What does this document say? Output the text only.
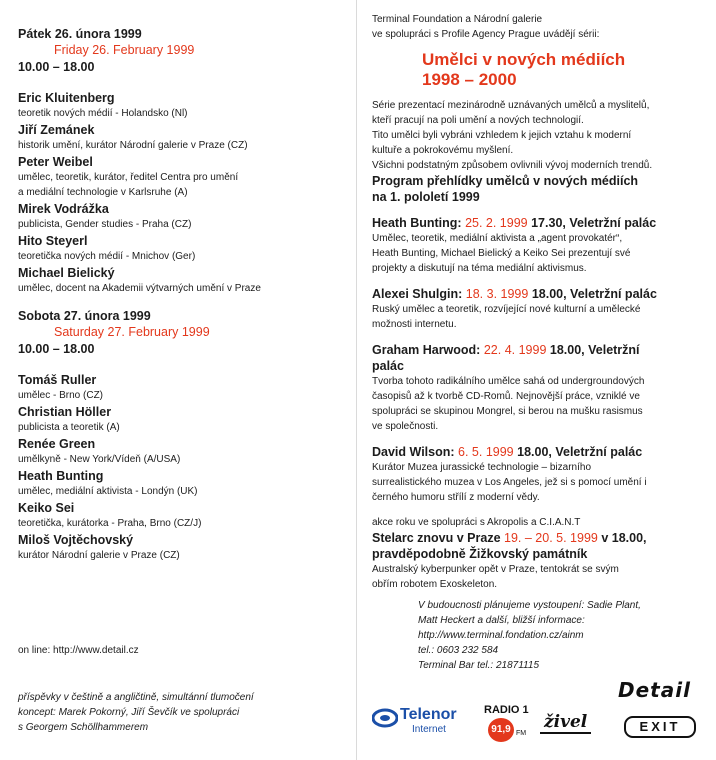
Pátek 26. února 1999
Friday 26. February 1999
10.00 – 18.00
Eric Kluitenberg
teoretik nových médií - Holandsko (Nl)
Jiří Zemánek
historik umění, kurátor Národní galerie v Praze (CZ)
Peter Weibel
umělec, teoretik, kurátor, ředitel Centra pro umění
a mediální technologie v Karlsruhe (A)
Mirek Vodrážka
publicista, Gender studies - Praha (CZ)
Hito Steyerl
teoretička nových médií - Mnichov (Ger)
Michael Bielický
umělec, docent na Akademii výtvarných umění v Praze
Sobota 27. února 1999
Saturday 27. February 1999
10.00 – 18.00
Tomáš Ruller
umělec - Brno (CZ)
Christian Höller
publicista a teoretik (A)
Renée Green
umělkyně - New York/Vídeň (A/USA)
Heath Bunting
umělec, mediální aktivista - Londýn (UK)
Keiko Sei
teoretička, kurátorka - Praha, Brno (CZ/J)
Miloš Vojtěchovský
kurátor Národní galerie v Praze (CZ)
on line: http://www.detail.cz
příspěvky v češtině a angličtině, simultánní tlumočení
koncept: Marek Pokorný, Jiří Ševčík ve spolupráci
s Georgem Schöllhammerem
Terminal Foundation a Národní galerie
ve spolupráci s Profile Agency Prague uvádějí sérii:
Umělci v nových médiích
1998 – 2000
Série prezentací mezinárodně uznávaných umělců a myslitelů,
kteří pracují na poli umění a nových technologií.
Tito umělci byli vybráni vzhledem k jejich vztahu k moderní
kultuře a pokrokovému myšlení.
Všichni podstatným způsobem ovlivnili vývoj moderních trendů.
Program přehlídky umělců v nových médiích
na 1. pololetí 1999
Heath Bunting: 25. 2. 1999 17.30, Veletržní palác
Umělec, teoretik, mediální aktivista a „agent provokatér“,
Heath Bunting, Michael Bielický a Keiko Sei prezentují své
projekty a diskutují na téma mediální aktivismus.
Alexei Shulgin: 18. 3. 1999 18.00, Veletržní palác
Ruský umělec a teoretik, rozvíjející nové kulturní a umělecké
možnosti internetu.
Graham Harwood: 22. 4. 1999 18.00, Veletržní palác
Tvorba tohoto radikálního umělce sahá od undergroundových
časopisů až k tvorbě CD-Romů. Nejnovější práce, vzniklé ve
spolupráci se skupinou Mongrel, si berou na mušku rasismus
ve společnosti.
David Wilson: 6. 5. 1999 18.00, Veletržní palác
Kurátor Muzea jurassické technologie – bizarního
surrealistického muzea v Los Angeles, jež si s pomocí umění i
černého humoru střílí z moderní vědy.
akce roku ve spolupráci s Akropolis a C.I.A.N.T
Stelarc znovu v Praze 19. – 20. 5. 1999 v 18.00,
pravděpodobně Žižkovský památník
Australský kyberpunker opět v Praze, tentokrát se svým
obřím robotem Exoskeleton.
V budoucnosti plánujeme vystoupení: Sadie Plant,
Matt Heckert a další, bližší informace:
http://www.terminal.fondation.cz/ainm
tel.: 0603 232 584
Terminal Bar tel.: 21871115
Detail
Telenor
Internet
RADIO 1
91,9 FM
živel	EXIT
